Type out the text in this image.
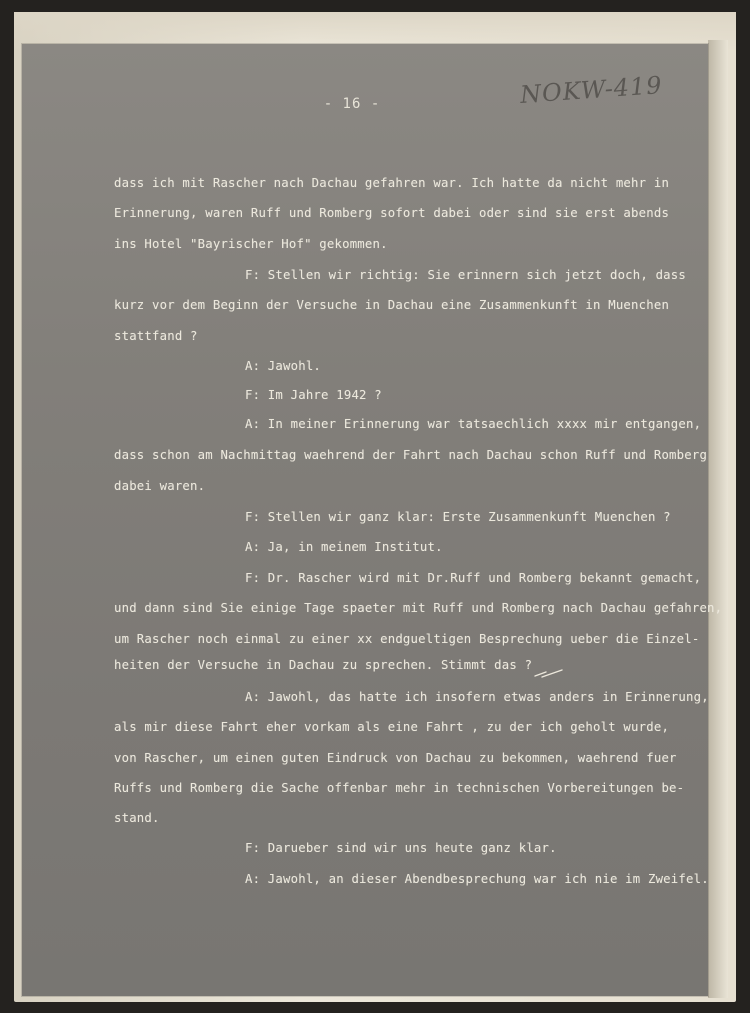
- 16 -	NOKW-419

dass ich mit Rascher nach Dachau gefahren war. Ich hatte da nicht mehr in

Erinnerung, waren Ruff und Romberg sofort dabei oder sind sie erst abends

ins Hotel "Bayrischer Hof" gekommen.

F: Stellen wir richtig: Sie erinnern sich jetzt doch, dass

kurz vor dem Beginn der Versuche in Dachau eine Zusammenkunft in Muenchen

stattfand ?

A: Jawohl.

F: Im Jahre 1942 ?

A: In meiner Erinnerung war tatsaechlich xxxx mir entgangen,

dass schon am Nachmittag waehrend der Fahrt nach Dachau schon Ruff und Romberg

dabei waren.

F: Stellen wir ganz klar: Erste Zusammenkunft Muenchen ?

A: Ja, in meinem Institut.

F: Dr. Rascher wird mit Dr.Ruff und Romberg bekannt gemacht,

und dann sind Sie einige Tage spaeter mit Ruff und Romberg nach Dachau gefahren,

um Rascher noch einmal zu einer xx endgueltigen Besprechung ueber die Einzel-

heiten der Versuche in Dachau zu sprechen. Stimmt das ?

A: Jawohl, das hatte ich insofern etwas anders in Erinnerung,

als mir diese Fahrt eher vorkam als eine Fahrt , zu der ich geholt wurde,

von Rascher, um einen guten Eindruck von Dachau zu bekommen, waehrend fuer

Ruffs und Romberg die Sache offenbar mehr in technischen Vorbereitungen be-

stand.

F: Darueber sind wir uns heute ganz klar.

A: Jawohl, an dieser Abendbesprechung war ich nie im Zweifel.
